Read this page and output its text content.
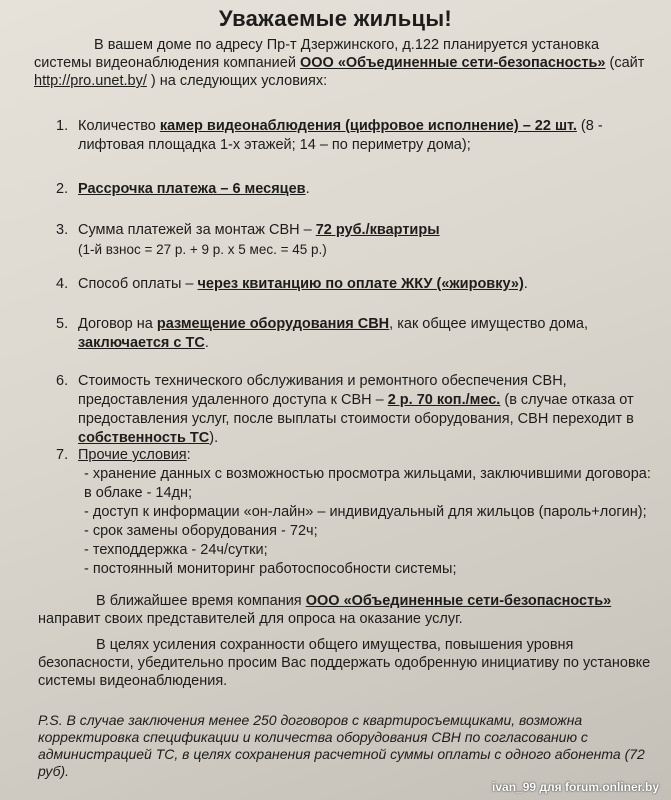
Уважаемые жильцы!
В вашем доме по адресу Пр-т Дзержинского, д.122 планируется установка системы видеонаблюдения компанией ООО «Объединенные сети-безопасность» (сайт
http://pro.unet.by/ ) на следующих условиях:
1. Количество камер видеонаблюдения (цифровое исполнение) – 22 шт. (8 - лифтовая площадка 1-х этажей; 14 – по периметру дома);
2. Рассрочка платежа – 6 месяцев.
3. Сумма платежей за монтаж СВН – 72 руб./квартиры
(1-й взнос = 27 р. + 9 р. x 5 мес. = 45 р.)
4. Способ оплаты – через квитанцию по оплате ЖКУ («жировку»).
5. Договор на размещение оборудования СВН, как общее имущество дома,
заключается с ТС.
6. Стоимость технического обслуживания и ремонтного обеспечения СВН, предоставления удаленного доступа к СВН – 2 р. 70 коп./мес. (в случае отказа от предоставления услуг, после выплаты стоимости оборудования, СВН переходит в собственность ТС).
7. Прочие условия:
- хранение данных с возможностью просмотра жильцами, заключившими договора: в облаке - 14дн;
- доступ к информации «он-лайн» – индивидуальный для жильцов (пароль+логин);
- срок замены оборудования - 72ч;
- техподдержка - 24ч/сутки;
- постоянный мониторинг работоспособности системы;
В ближайшее время компания ООО «Объединенные сети-безопасность» направит своих представителей для опроса на оказание услуг.
В целях усиления сохранности общего имущества, повышения уровня безопасности, убедительно просим Вас поддержать одобренную инициативу по установке системы видеонаблюдения.
P.S. В случае заключения менее 250 договоров с квартиросъемщиками, возможна корректировка спецификации и количества оборудования СВН по согласованию с администрацией ТС, в целях сохранения расчетной суммы оплаты с одного абонента (72 руб).
ivan_99 для forum.onliner.by
